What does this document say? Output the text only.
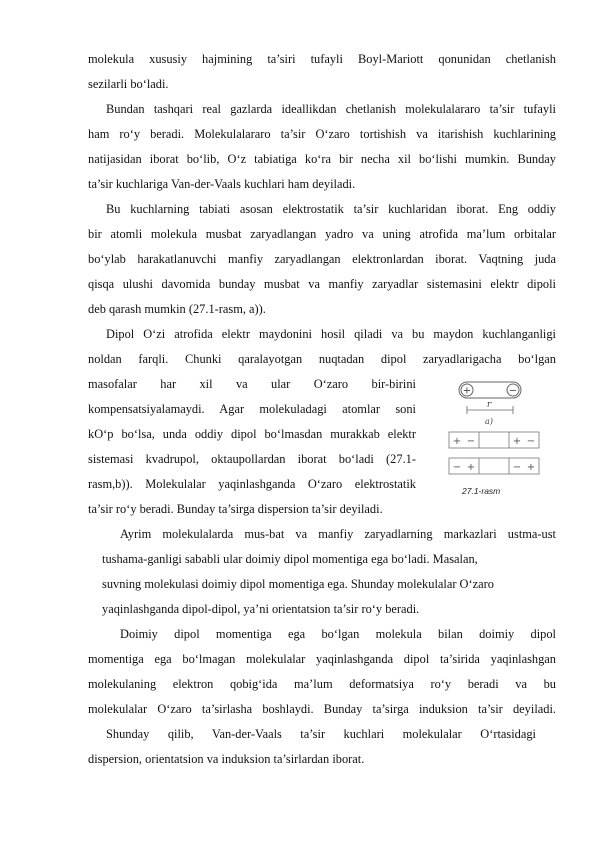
molekula xususiy hajmining ta’siri tufayli Boyl-Mariott qonunidan chetlanish

sezilarli bo‘ladi.

Bundan tashqari real gazlarda ideallikdan chetlanish molekulalararo ta’sir tufayli

ham ro‘y beradi. Molekulalararo ta’sir O‘zaro tortishish va itarishish kuchlarining

natijasidan iborat bo‘lib, O‘z tabiatiga ko‘ra bir necha xil bo‘lishi mumkin. Bunday

ta’sir kuchlariga Van-der-Vaals kuchlari ham deyiladi.

Bu kuchlarning tabiati asosan elektrostatik ta’sir kuchlaridan iborat. Eng oddiy

bir atomli molekula musbat zaryadlangan yadro va uning atrofida ma’lum orbitalar

bo‘ylab harakatlanuvchi manfiy zaryadlangan elektronlardan iborat. Vaqtning juda

qisqa ulushi davomida bunday musbat va manfiy zaryadlar sistemasini elektr dipoli

deb qarash mumkin (27.1-rasm, a)).

Dipol O‘zi atrofida elektr maydonini hosil qiladi va bu maydon kuchlanganligi

noldan farqli. Chunki qaralayotgan nuqtadan dipol zaryadlarigacha bo‘lgan

masofalar har xil va ular O‘zaro bir-birini

kompensatsiyalamaydi. Agar molekuladagi atomlar soni

kO‘p bo‘lsa, unda oddiy dipol bo‘lmasdan murakkab elektr

sistemasi kvadrupol, oktaupollardan iborat bo‘ladi (27.1-

rasm,b)). Molekulalar yaqinlashganda O‘zaro elektrostatik

ta’sir ro‘y beradi. Bunday ta’sirga dispersion ta’sir deyiladi.

+	−
r
a)
+ −	+ −
− +	− +
27.1-rasm

Ayrim molekulalarda mus-bat va manfiy zaryadlarning markazlari ustma-ust

tushama-ganligi sababli ular doimiy dipol momentiga ega bo‘ladi. Masalan,

suvning molekulasi doimiy dipol momentiga ega. Shunday molekulalar O‘zaro

yaqinlashganda dipol-dipol, ya’ni orientatsion ta’sir ro‘y beradi.

Doimiy dipol momentiga ega bo‘lgan molekula bilan doimiy dipol

momentiga ega bo‘lmagan molekulalar yaqinlashganda dipol ta’sirida yaqinlashgan

molekulaning elektron qobig‘ida ma’lum deformatsiya ro‘y beradi va bu

molekulalar O‘zaro ta’sirlasha boshlaydi. Bunday ta’sirga induksion ta’sir deyiladi.

Shunday qilib, Van-der-Vaals ta’sir kuchlari molekulalar O‘rtasidagi

dispersion, orientatsion va induksion ta’sirlardan iborat.
